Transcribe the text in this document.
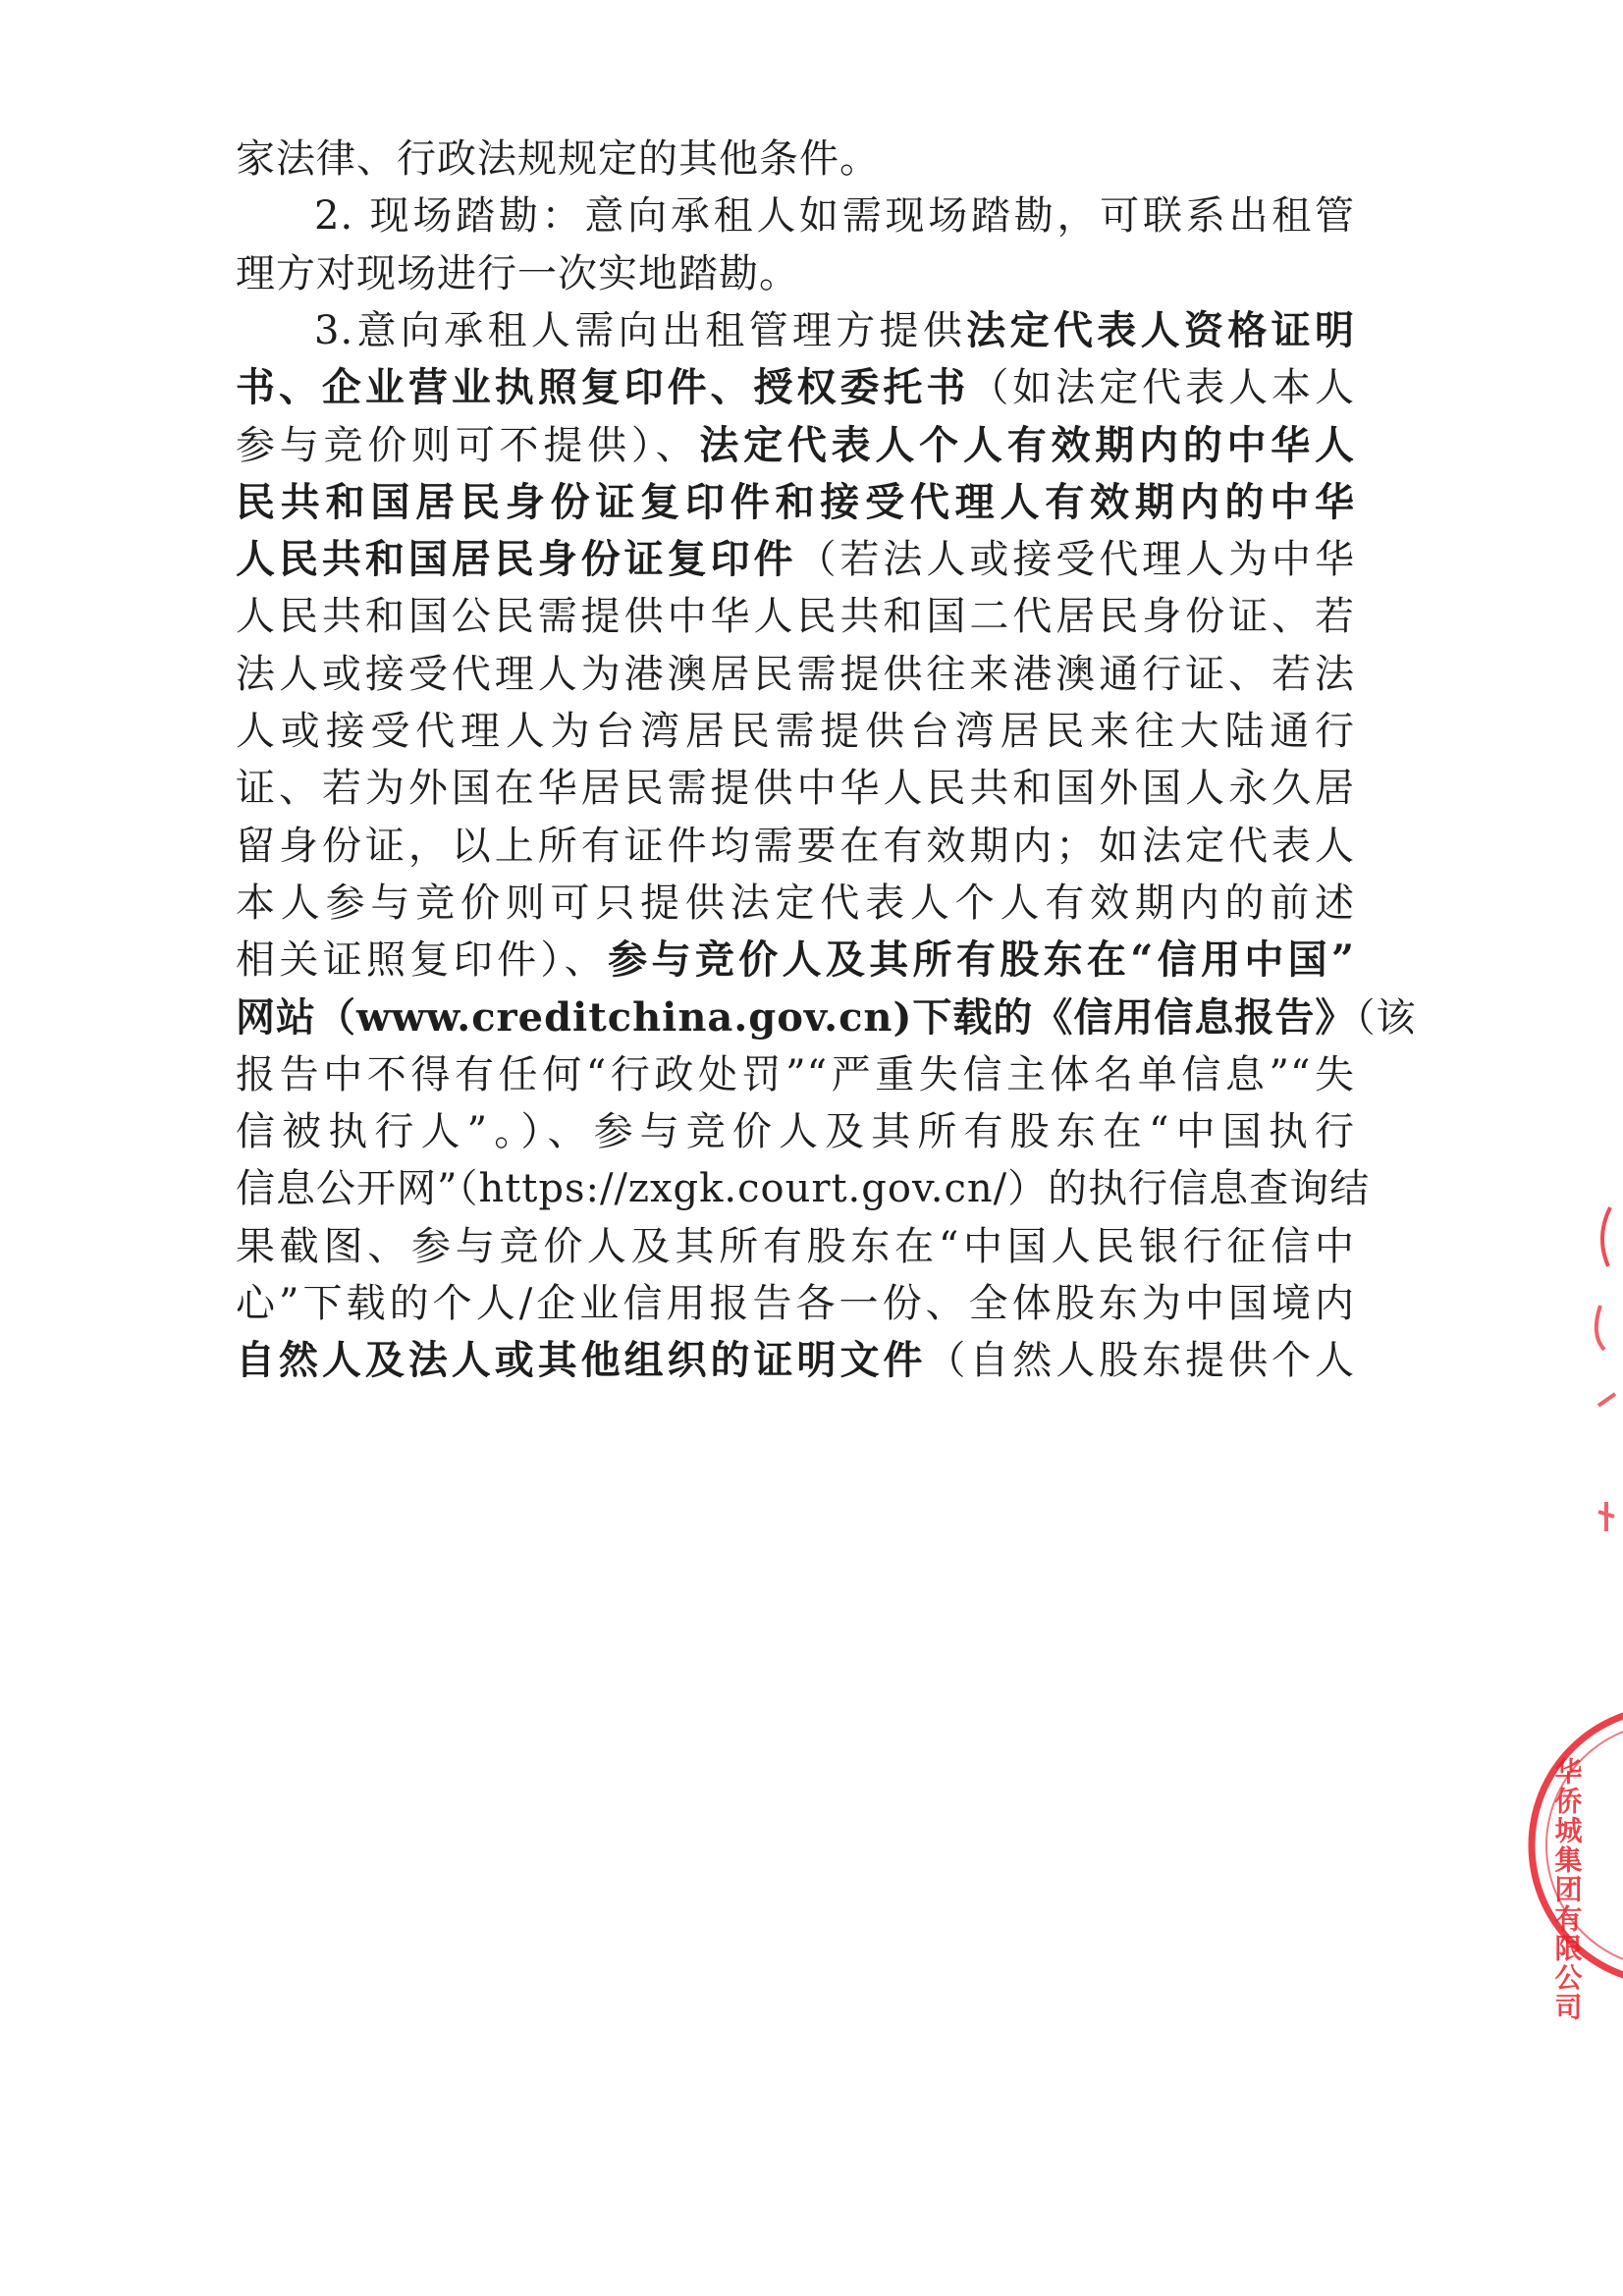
家法律、行政法规规定的其他条件。
2. 现场踏勘：意向承租人如需现场踏勘，可联系出租管
理方对现场进行一次实地踏勘。
3.意向承租人需向出租管理方提供法定代表人资格证明
书、企业营业执照复印件、授权委托书（如法定代表人本人
参与竞价则可不提供）、法定代表人个人有效期内的中华人
民共和国居民身份证复印件和接受代理人有效期内的中华
人民共和国居民身份证复印件（若法人或接受代理人为中华
人民共和国公民需提供中华人民共和国二代居民身份证、若
法人或接受代理人为港澳居民需提供往来港澳通行证、若法
人或接受代理人为台湾居民需提供台湾居民来往大陆通行
证、若为外国在华居民需提供中华人民共和国外国人永久居
留身份证，以上所有证件均需要在有效期内；如法定代表人
本人参与竞价则可只提供法定代表人个人有效期内的前述
相关证照复印件）、参与竞价人及其所有股东在“信用中国”
网站（www.creditchina.gov.cn)下载的《信用信息报告》（该
报告中不得有任何“行政处罚”“严重失信主体名单信息”“失
信被执行人”。）、参与竞价人及其所有股东在“中国执行
信息公开网”（https://zxgk.court.gov.cn/）的执行信息查询结
果截图、参与竞价人及其所有股东在“中国人民银行征信中
心”下载的个人/企业信用报告各一份、全体股东为中国境内
自然人及法人或其他组织的证明文件（自然人股东提供个人
华侨城集团有限公司
